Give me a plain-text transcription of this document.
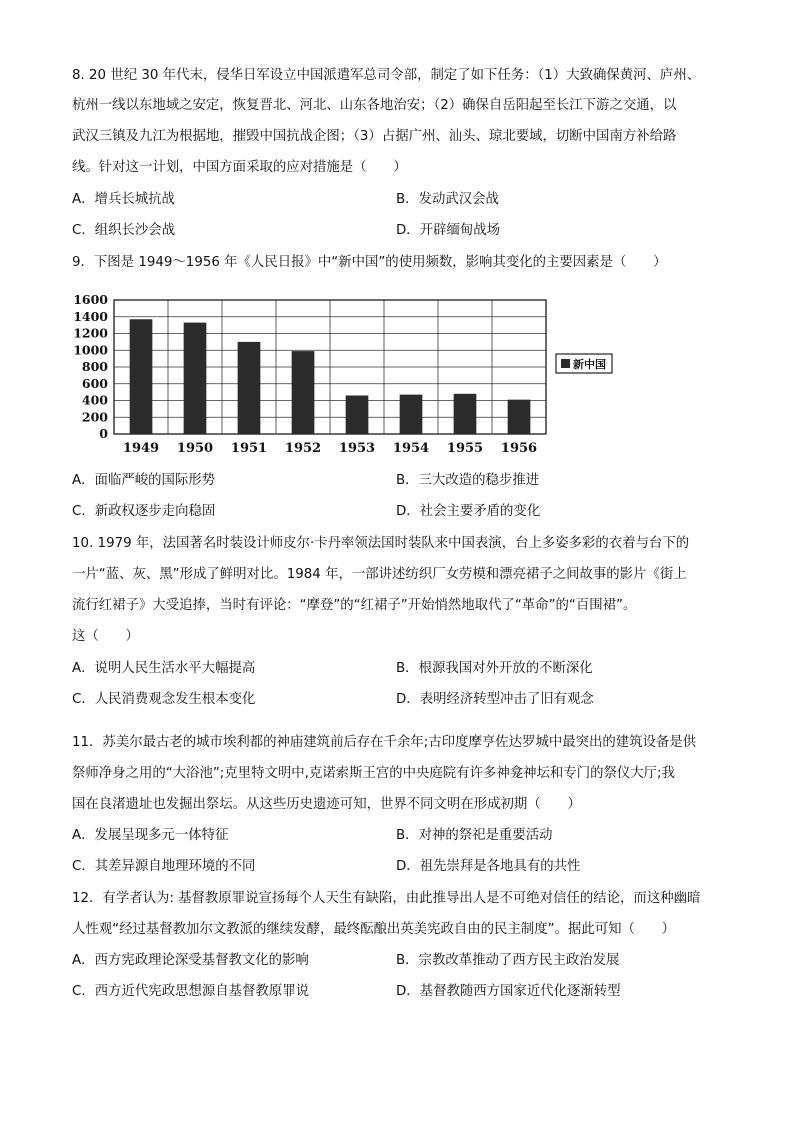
8. 20 世纪 30 年代末，侵华日军设立中国派遣军总司令部，制定了如下任务：（1）大致确保黄河、庐州、
杭州一线以东地域之安定，恢复晋北、河北、山东各地治安；（2）确保自岳阳起至长江下游之交通，以
武汉三镇及九江为根据地，摧毁中国抗战企图；（3）占据广州、汕头、琼北要域，切断中国南方补给路
线。针对这一计划，中国方面采取的应对措施是（　　）
A．增兵长城抗战	B．发动武汉会战
C．组织长沙会战	D．开辟缅甸战场
9．下图是 1949～1956 年《人民日报》中“新中国”的使用频数，影响其变化的主要因素是（　　）
0
200
400
600
800
1000
1200
1400
1600
1949 1950 1951 1952 1953 1954 1955 1956
新中国
A．面临严峻的国际形势	B．三大改造的稳步推进
C．新政权逐步走向稳固	D．社会主要矛盾的变化
10. 1979 年，法国著名时装设计师皮尔·卡丹率领法国时装队来中国表演，台上多姿多彩的衣着与台下的
一片“蓝、灰、黑”形成了鲜明对比。1984 年，一部讲述纺织厂女劳模和漂亮裙子之间故事的影片《街上
流行红裙子》大受追捧，当时有评论：“摩登”的“红裙子”开始悄然地取代了“革命”的“百围裙”。
这（　　）
A．说明人民生活水平大幅提高	B．根源我国对外开放的不断深化
C．人民消费观念发生根本变化	D．表明经济转型冲击了旧有观念
11．苏美尔最古老的城市埃利都的神庙建筑前后存在千余年;古印度摩亨佐达罗城中最突出的建筑设备是供
祭师净身之用的“大浴池”;克里特文明中,克诺索斯王宫的中央庭院有许多神龛神坛和专门的祭仪大厅;我
国在良渚遗址也发掘出祭坛。从这些历史遗迹可知，世界不同文明在形成初期（　　）
A．发展呈现多元一体特征	B．对神的祭祀是重要活动
C．其差异源自地理环境的不同	D．祖先崇拜是各地具有的共性
12．有学者认为: 基督教原罪说宣扬每个人天生有缺陷，由此推导出人是不可绝对信任的结论，而这种幽暗
人性观“经过基督教加尔文教派的继续发酵，最终酝酿出英美宪政自由的民主制度”。据此可知（　　）
A．西方宪政理论深受基督教文化的影响	B．宗教改革推动了西方民主政治发展
C．西方近代宪政思想源自基督教原罪说	D．基督教随西方国家近代化逐渐转型
